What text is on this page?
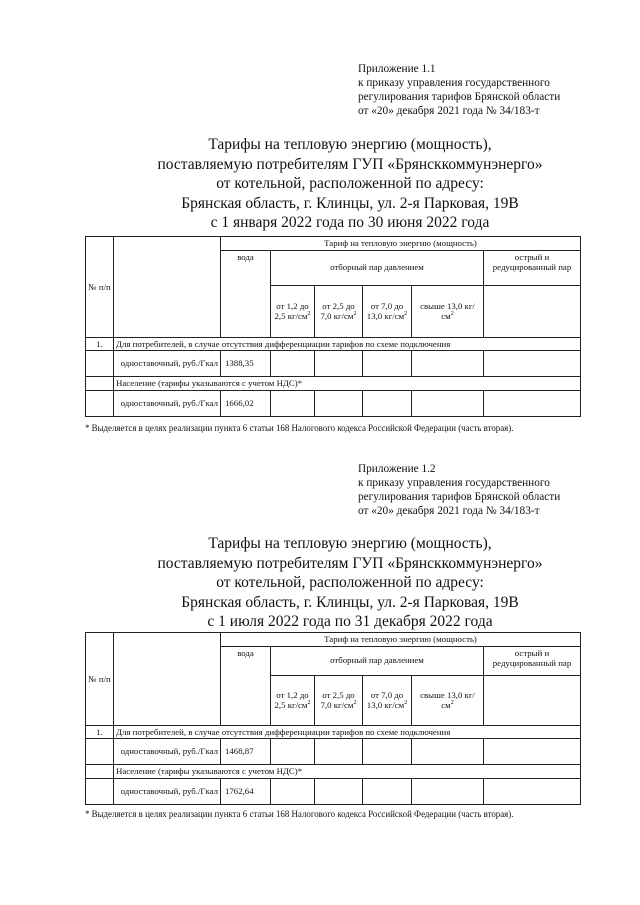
Приложение 1.1
к приказу управления государственного
регулирования тарифов Брянской области
от «20» декабря 2021 года № 34/183-т
Тарифы на тепловую энергию (мощность),
поставляемую потребителям ГУП «Брянсккоммунэнерго»
от котельной, расположенной по адресу:
Брянская область, г. Клинцы, ул. 2-я Парковая, 19В
с 1 января 2022 года по 30 июня 2022 года
№ п/п		Тариф на тепловую энергию (мощность)					
		вода	отборный пар давлением				острый и редуцированный пар
			от 1,2 до 2,5 $кг/см^2$	от 2,5 до 7,0 $кг/см^2$	от 7,0 до 13,0 $кг/см^2$	свыше 13,0 $кг/см^2$	
1.	Для потребителей, в случае отсутствия дифференциации тарифов по схеме подключения						
	одноставочный, руб./Гкал	1388,35					
	Население (тарифы указываются с учетом НДС)*						
	одноставочный, руб./Гкал	1666,02					
* Выделяется в целях реализации пункта 6 статьи 168 Налогового кодекса Российской Федерации (часть вторая).
Приложение 1.2
к приказу управления государственного
регулирования тарифов Брянской области
от «20» декабря 2021 года № 34/183-т
Тарифы на тепловую энергию (мощность),
поставляемую потребителям ГУП «Брянсккоммунэнерго»
от котельной, расположенной по адресу:
Брянская область, г. Клинцы, ул. 2-я Парковая, 19В
с 1 июля 2022 года по 31 декабря 2022 года
№ п/п		Тариф на тепловую энергию (мощность)					
		вода	отборный пар давлением				острый и редуцированный пар
			от 1,2 до 2,5 $кг/см^2$	от 2,5 до 7,0 $кг/см^2$	от 7,0 до 13,0 $кг/см^2$	свыше 13,0 $кг/см^2$	
1.	Для потребителей, в случае отсутствия дифференциации тарифов по схеме подключения						
	одноставочный, руб./Гкал	1468,87					
	Население (тарифы указываются с учетом НДС)*						
	одноставочный, руб./Гкал	1762,64					
* Выделяется в целях реализации пункта 6 статьи 168 Налогового кодекса Российской Федерации (часть вторая).
